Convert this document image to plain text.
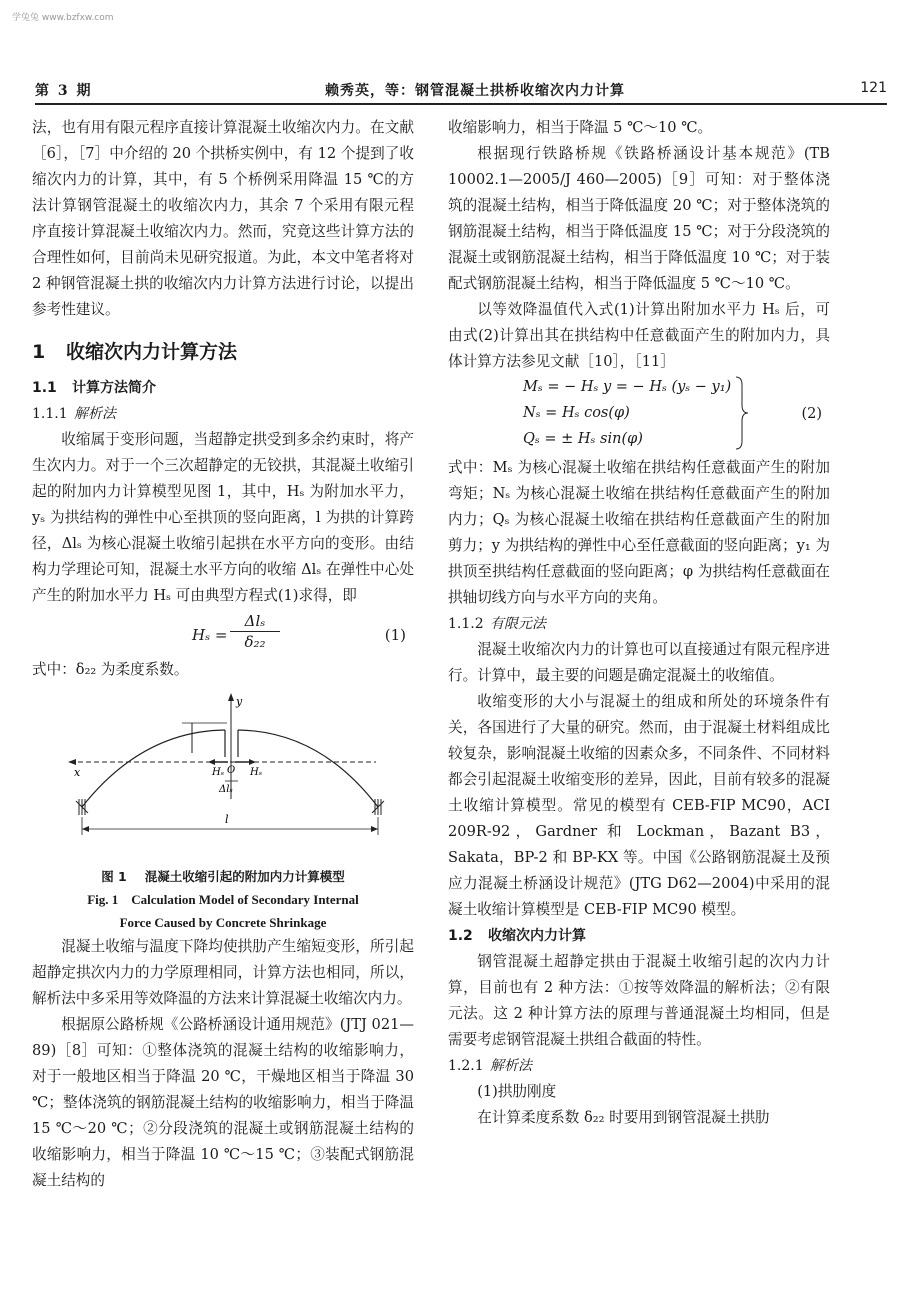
学兔兔 www.bzfxw.com
第 3 期	赖秀英，等：钢管混凝土拱桥收缩次内力计算	121

法，也有用有限元程序直接计算混凝土收缩次内力。在文献［6］，［7］中介绍的 20 个拱桥实例中，有 12 个提到了收缩次内力的计算，其中，有 5 个桥例采用降温 15 ℃的方法计算钢管混凝土的收缩次内力，其余 7 个采用有限元程序直接计算混凝土收缩次内力。然而，究竟这些计算方法的合理性如何，目前尚未见研究报道。为此，本文中笔者将对 2 种钢管混凝土拱的收缩次内力计算方法进行讨论，以提出参考性建议。

1 收缩次内力计算方法
1.1 计算方法简介
1.1.1 解析法

收缩属于变形问题，当超静定拱受到多余约束时，将产生次内力。对于一个三次超静定的无铰拱，其混凝土收缩引起的附加内力计算模型见图 1，其中，Hₛ 为附加水平力，yₛ 为拱结构的弹性中心至拱顶的竖向距离，l 为拱的计算跨径，Δlₛ 为核心混凝土收缩引起拱在水平方向的变形。由结构力学理论可知，混凝土水平方向的收缩 Δlₛ 在弹性中心处产生的附加水平力 Hₛ 可由典型方程式(1)求得，即

Hₛ =
Δlₛ
δ₂₂	(1)

式中：δ₂₂ 为柔度系数。

y
x	Hₛ	Hₛ
O
Δlₛ
l

图 1 混凝土收缩引起的附加内力计算模型

Fig. 1　Calculation Model of Secondary Internal

Force Caused by Concrete Shrinkage

混凝土收缩与温度下降均使拱肋产生缩短变形，所引起超静定拱次内力的力学原理相同，计算方法也相同，所以，解析法中多采用等效降温的方法来计算混凝土收缩次内力。

根据原公路桥规《公路桥涵设计通用规范》(JTJ 021—89)［8］可知：①整体浇筑的混凝土结构的收缩影响力，对于一般地区相当于降温 20 ℃，干燥地区相当于降温 30 ℃；整体浇筑的钢筋混凝土结构的收缩影响力，相当于降温 15 ℃～20 ℃；②分段浇筑的混凝土或钢筋混凝土结构的收缩影响力，相当于降温 10 ℃～15 ℃；③装配式钢筋混凝土结构的

收缩影响力，相当于降温 5 ℃～10 ℃。

根据现行铁路桥规《铁路桥涵设计基本规范》(TB 10002.1—2005/J 460—2005)［9］可知：对于整体浇筑的混凝土结构，相当于降低温度 20 ℃；对于整体浇筑的钢筋混凝土结构，相当于降低温度 15 ℃；对于分段浇筑的混凝土或钢筋混凝土结构，相当于降低温度 10 ℃；对于装配式钢筋混凝土结构，相当于降低温度 5 ℃～10 ℃。

以等效降温值代入式(1)计算出附加水平力 Hₛ 后，可由式(2)计算出其在拱结构中任意截面产生的附加内力，具体计算方法参见文献［10］，［11］

Mₛ = − Hₛ y = − Hₛ (yₛ − y₁)
Nₛ = Hₛ cos(φ)
Qₛ = ± Hₛ sin(φ)
(2)

式中：Mₛ 为核心混凝土收缩在拱结构任意截面产生的附加弯矩；Nₛ 为核心混凝土收缩在拱结构任意截面产生的附加内力；Qₛ 为核心混凝土收缩在拱结构任意截面产生的附加剪力；y 为拱结构的弹性中心至任意截面的竖向距离；y₁ 为拱顶至拱结构任意截面的竖向距离；φ 为拱结构任意截面在拱轴切线方向与水平方向的夹角。

1.1.2 有限元法

混凝土收缩次内力的计算也可以直接通过有限元程序进行。计算中，最主要的问题是确定混凝土的收缩值。

收缩变形的大小与混凝土的组成和所处的环境条件有关，各国进行了大量的研究。然而，由于混凝土材料组成比较复杂，影响混凝土收缩的因素众多，不同条件、不同材料都会引起混凝土收缩变形的差异，因此，目前有较多的混凝土收缩计算模型。常见的模型有 CEB-FIP MC90，ACI 209R-92，Gardner 和 Lockman，Bazant B3，Sakata，BP-2 和 BP-KX 等。中国《公路钢筋混凝土及预应力混凝土桥涵设计规范》(JTG D62—2004)中采用的混凝土收缩计算模型是 CEB-FIP MC90 模型。

1.2 收缩次内力计算

钢管混凝土超静定拱由于混凝土收缩引起的次内力计算，目前也有 2 种方法：①按等效降温的解析法；②有限元法。这 2 种计算方法的原理与普通混凝土均相同，但是需要考虑钢管混凝土拱组合截面的特性。

1.2.1 解析法

(1)拱肋刚度

在计算柔度系数 δ₂₂ 时要用到钢管混凝土拱肋
